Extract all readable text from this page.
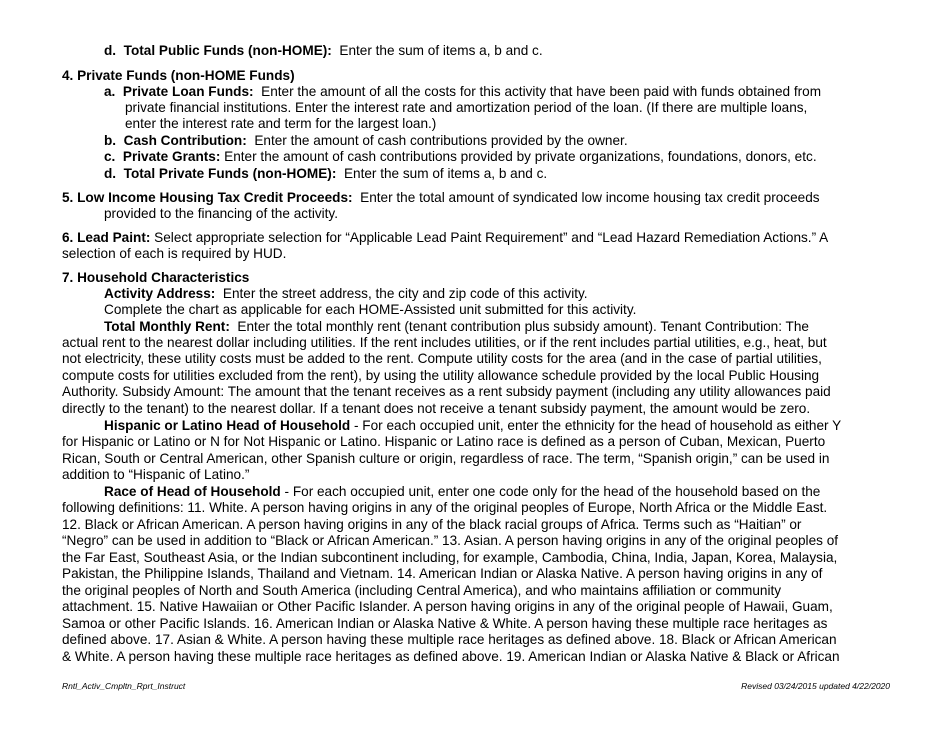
d. Total Public Funds (non-HOME): Enter the sum of items a, b and c.
4. Private Funds (non-HOME Funds)
a. Private Loan Funds: Enter the amount of all the costs for this activity that have been paid with funds obtained from
private financial institutions. Enter the interest rate and amortization period of the loan. (If there are multiple loans,
enter the interest rate and term for the largest loan.)
b. Cash Contribution: Enter the amount of cash contributions provided by the owner.
c. Private Grants: Enter the amount of cash contributions provided by private organizations, foundations, donors, etc.
d. Total Private Funds (non-HOME): Enter the sum of items a, b and c.
5. Low Income Housing Tax Credit Proceeds: Enter the total amount of syndicated low income housing tax credit proceeds
provided to the financing of the activity.
6. Lead Paint: Select appropriate selection for “Applicable Lead Paint Requirement” and “Lead Hazard Remediation Actions.” A
selection of each is required by HUD.
7. Household Characteristics
Activity Address: Enter the street address, the city and zip code of this activity.
Complete the chart as applicable for each HOME-Assisted unit submitted for this activity.
Total Monthly Rent: Enter the total monthly rent (tenant contribution plus subsidy amount). Tenant Contribution: The
actual rent to the nearest dollar including utilities. If the rent includes utilities, or if the rent includes partial utilities, e.g., heat, but
not electricity, these utility costs must be added to the rent. Compute utility costs for the area (and in the case of partial utilities,
compute costs for utilities excluded from the rent), by using the utility allowance schedule provided by the local Public Housing
Authority. Subsidy Amount: The amount that the tenant receives as a rent subsidy payment (including any utility allowances paid
directly to the tenant) to the nearest dollar. If a tenant does not receive a tenant subsidy payment, the amount would be zero.
Hispanic or Latino Head of Household - For each occupied unit, enter the ethnicity for the head of household as either Y
for Hispanic or Latino or N for Not Hispanic or Latino. Hispanic or Latino race is defined as a person of Cuban, Mexican, Puerto
Rican, South or Central American, other Spanish culture or origin, regardless of race. The term, “Spanish origin,” can be used in
addition to “Hispanic of Latino.”
Race of Head of Household - For each occupied unit, enter one code only for the head of the household based on the
following definitions: 11. White. A person having origins in any of the original peoples of Europe, North Africa or the Middle East.
12. Black or African American. A person having origins in any of the black racial groups of Africa. Terms such as “Haitian” or
“Negro” can be used in addition to “Black or African American.” 13. Asian. A person having origins in any of the original peoples of
the Far East, Southeast Asia, or the Indian subcontinent including, for example, Cambodia, China, India, Japan, Korea, Malaysia,
Pakistan, the Philippine Islands, Thailand and Vietnam. 14. American Indian or Alaska Native. A person having origins in any of
the original peoples of North and South America (including Central America), and who maintains affiliation or community
attachment. 15. Native Hawaiian or Other Pacific Islander. A person having origins in any of the original people of Hawaii, Guam,
Samoa or other Pacific Islands. 16. American Indian or Alaska Native & White. A person having these multiple race heritages as
defined above. 17. Asian & White. A person having these multiple race heritages as defined above. 18. Black or African American
& White. A person having these multiple race heritages as defined above. 19. American Indian or Alaska Native & Black or African
Rntl_Activ_Cmpltn_Rprt_Instruct	Revised 03/24/2015 updated 4/22/2020
